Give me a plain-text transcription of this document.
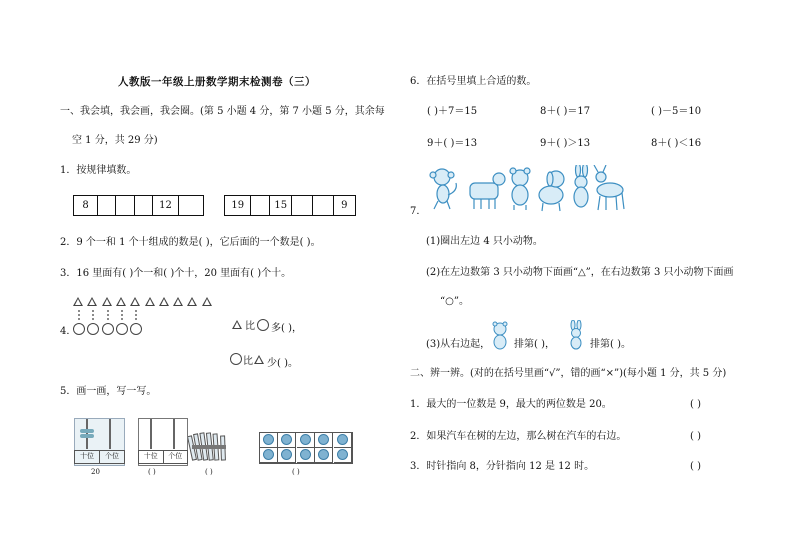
人教版一年级上册数学期末检测卷（三）
一、我会填，我会画，我会圈。(第 5 小题 4 分，第 7 小题 5 分，其余每
空 1 分，共 29 分)
1．按规律填数。
8	12	19	15	9
2．9 个一和 1 个十组成的数是( )，它后面的一个数是( )。
3．16 里面有( )个一和( )个十，20 里面有( )个十。
4．	比 多( )，
比 少( )。
5．画一画，写一写。
十位	个位
20
十位	个位
( )	( )	( )
6．在括号里填上合适的数。
( )＋7＝15	8＋( )＝17	( )－5＝10
9＋( )＝13	9＋( )＞13	8＋( )＜16
7．
(1)圈出左边 4 只小动物。
(2)在左边数第 3 只小动物下面画“△”，在右边数第 3 只小动物下面画
“○”。
(3)从右边起， 排第( )，	排第( )。
二、辨一辨。(对的在括号里画“√”，错的画“×”)(每小题 1 分，共 5 分)
1．最大的一位数是 9，最大的两位数是 20。	( )
2．如果汽车在树的左边，那么树在汽车的右边。	( )
3．时针指向 8，分针指向 12 是 12 时。	( )
